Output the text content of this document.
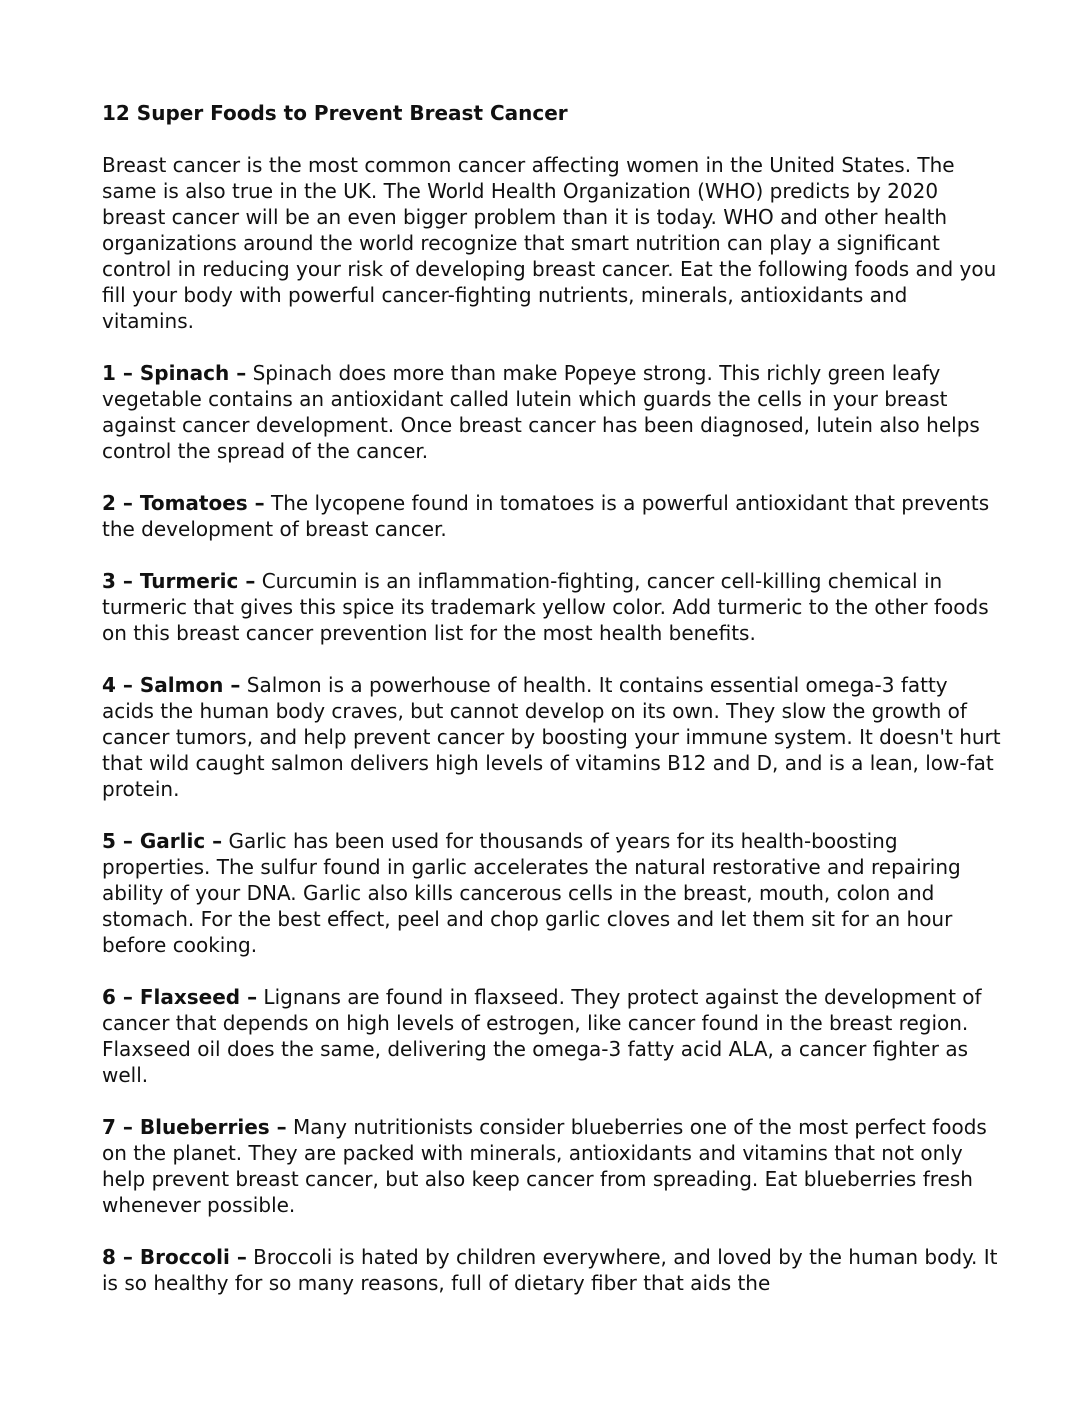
12 Super Foods to Prevent Breast Cancer
Breast cancer is the most common cancer affecting women in the United States. The same is also true in the UK. The World Health Organization (WHO) predicts by 2020 breast cancer will be an even bigger problem than it is today. WHO and other health organizations around the world recognize that smart nutrition can play a significant control in reducing your risk of developing breast cancer. Eat the following foods and you fill your body with powerful cancer-fighting nutrients, minerals, antioxidants and vitamins.
1 – Spinach – Spinach does more than make Popeye strong. This richly green leafy vegetable contains an antioxidant called lutein which guards the cells in your breast against cancer development. Once breast cancer has been diagnosed, lutein also helps control the spread of the cancer.
2 – Tomatoes – The lycopene found in tomatoes is a powerful antioxidant that prevents the development of breast cancer.
3 – Turmeric – Curcumin is an inflammation-fighting, cancer cell-killing chemical in turmeric that gives this spice its trademark yellow color. Add turmeric to the other foods on this breast cancer prevention list for the most health benefits.
4 – Salmon – Salmon is a powerhouse of health. It contains essential omega-3 fatty acids the human body craves, but cannot develop on its own. They slow the growth of cancer tumors, and help prevent cancer by boosting your immune system. It doesn't hurt that wild caught salmon delivers high levels of vitamins B12 and D, and is a lean, low-fat protein.
5 – Garlic – Garlic has been used for thousands of years for its health-boosting properties. The sulfur found in garlic accelerates the natural restorative and repairing ability of your DNA. Garlic also kills cancerous cells in the breast, mouth, colon and stomach. For the best effect, peel and chop garlic cloves and let them sit for an hour before cooking.
6 – Flaxseed – Lignans are found in flaxseed. They protect against the development of cancer that depends on high levels of estrogen, like cancer found in the breast region. Flaxseed oil does the same, delivering the omega-3 fatty acid ALA, a cancer fighter as well.
7 – Blueberries – Many nutritionists consider blueberries one of the most perfect foods on the planet. They are packed with minerals, antioxidants and vitamins that not only help prevent breast cancer, but also keep cancer from spreading. Eat blueberries fresh whenever possible.
8 – Broccoli – Broccoli is hated by children everywhere, and loved by the human body. It is so healthy for so many reasons, full of dietary fiber that aids the
